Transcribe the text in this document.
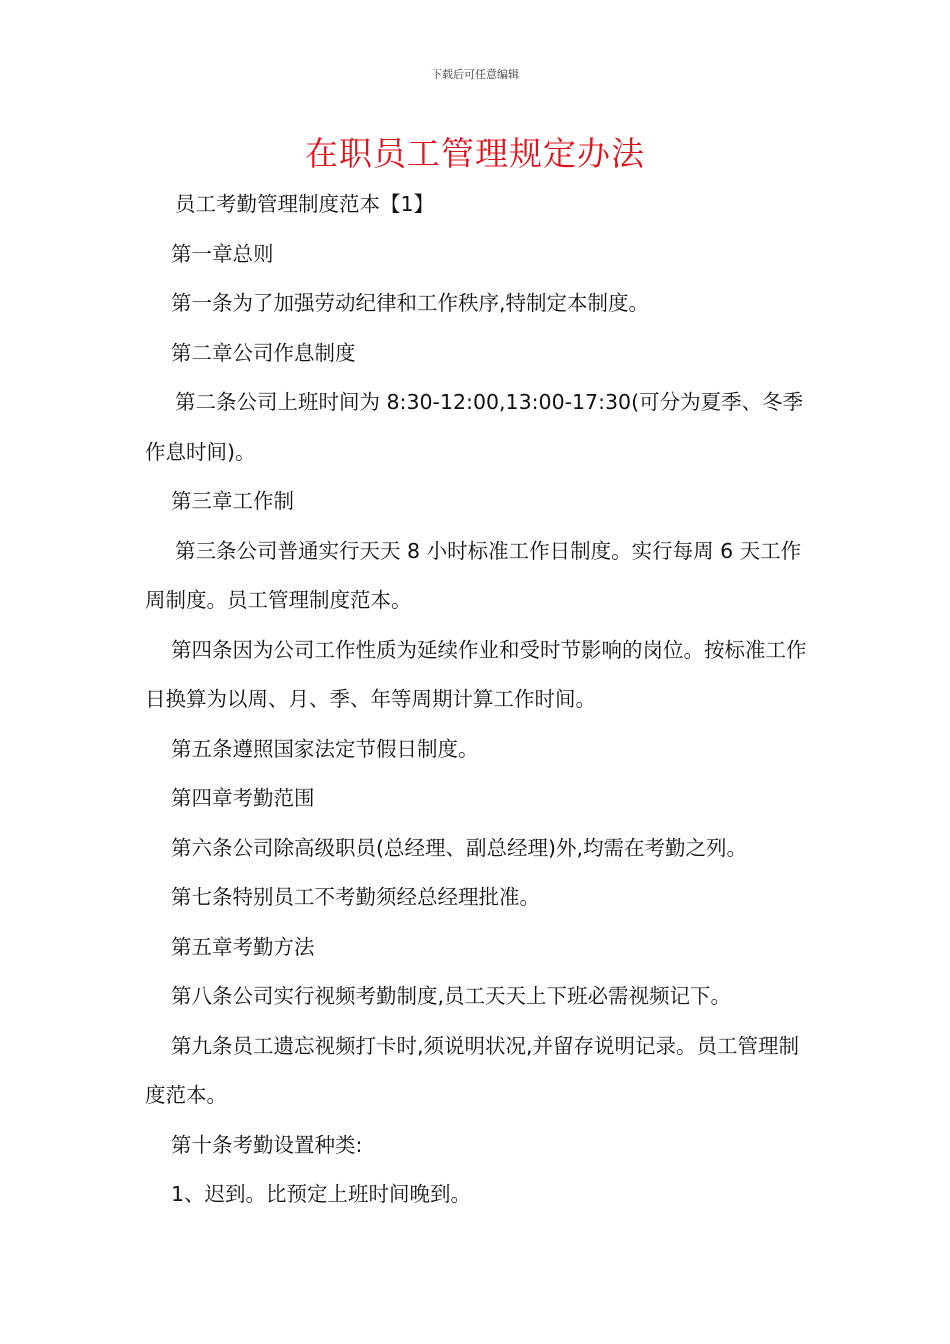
下载后可任意编辑
在职员工管理规定办法

员工考勤管理制度范本【1】

第一章总则

第一条为了加强劳动纪律和工作秩序,特制定本制度。

第二章公司作息制度

第二条公司上班时间为 8:30-12:00,13:00-17:30(可分为夏季、冬季作息时间)。

第三章工作制

第三条公司普通实行天天 8 小时标准工作日制度。实行每周 6 天工作周制度。员工管理制度范本。

第四条因为公司工作性质为延续作业和受时节影响的岗位。按标准工作日换算为以周、月、季、年等周期计算工作时间。

第五条遵照国家法定节假日制度。

第四章考勤范围

第六条公司除高级职员(总经理、副总经理)外,均需在考勤之列。

第七条特别员工不考勤须经总经理批准。

第五章考勤方法

第八条公司实行视频考勤制度,员工天天上下班必需视频记下。

第九条员工遗忘视频打卡时,须说明状况,并留存说明记录。员工管理制度范本。

第十条考勤设置种类:

1、迟到。比预定上班时间晚到。
